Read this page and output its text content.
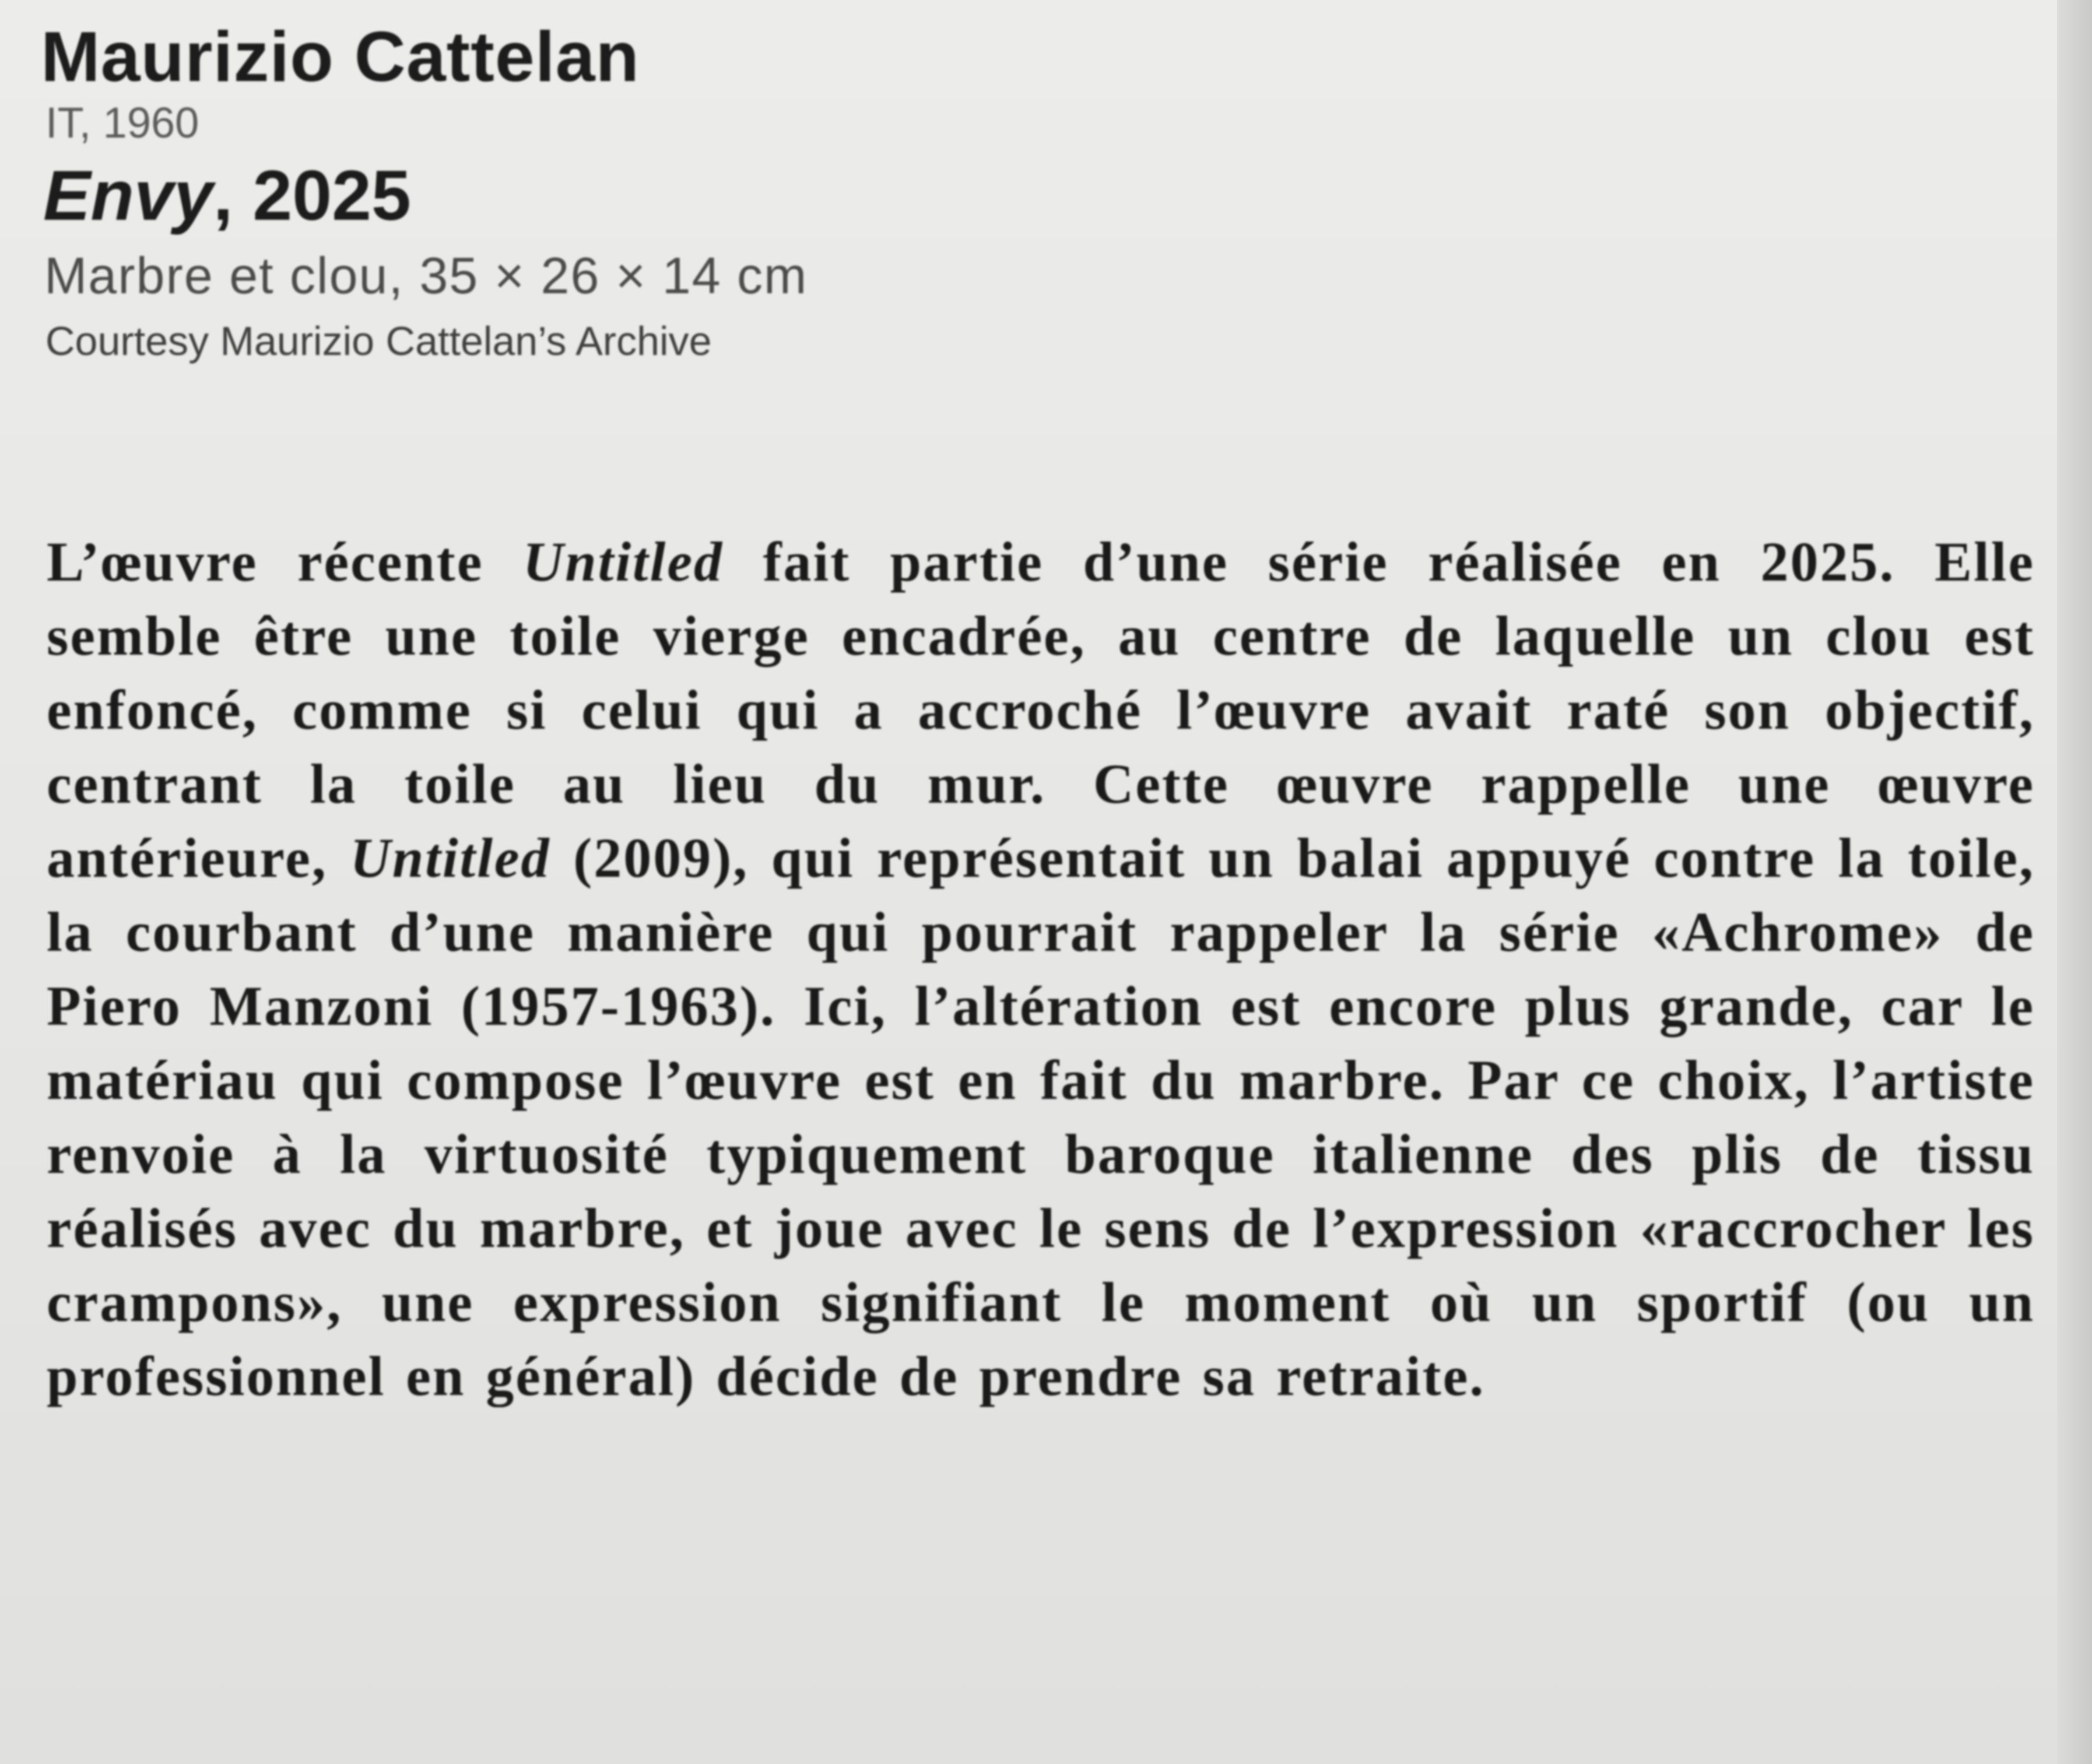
Maurizio Cattelan
IT, 1960
Envy, 2025
Marbre et clou, 35 × 26 × 14 cm
Courtesy Maurizio Cattelan’s Archive

L’œuvre récente Untitled fait partie d’une série réalisée en 2025. Elle semble être une toile vierge encadrée, au centre de laquelle un clou est enfoncé, comme si celui qui a accroché l’œuvre avait raté son objectif, centrant la toile au lieu du mur. Cette œuvre rappelle une œuvre antérieure, Untitled (2009), qui représentait un balai appuyé contre la toile, la courbant d’une manière qui pourrait rappeler la série «Achrome» de Piero Manzoni (1957-1963). Ici, l’altération est encore plus grande, car le matériau qui compose l’œuvre est en fait du marbre. Par ce choix, l’artiste renvoie à la virtuosité typiquement baroque italienne des plis de tissu réalisés avec du marbre, et joue avec le sens de l’expression «raccrocher les crampons», une expression signifiant le moment où un sportif (ou un professionnel en général) décide de prendre sa retraite.
